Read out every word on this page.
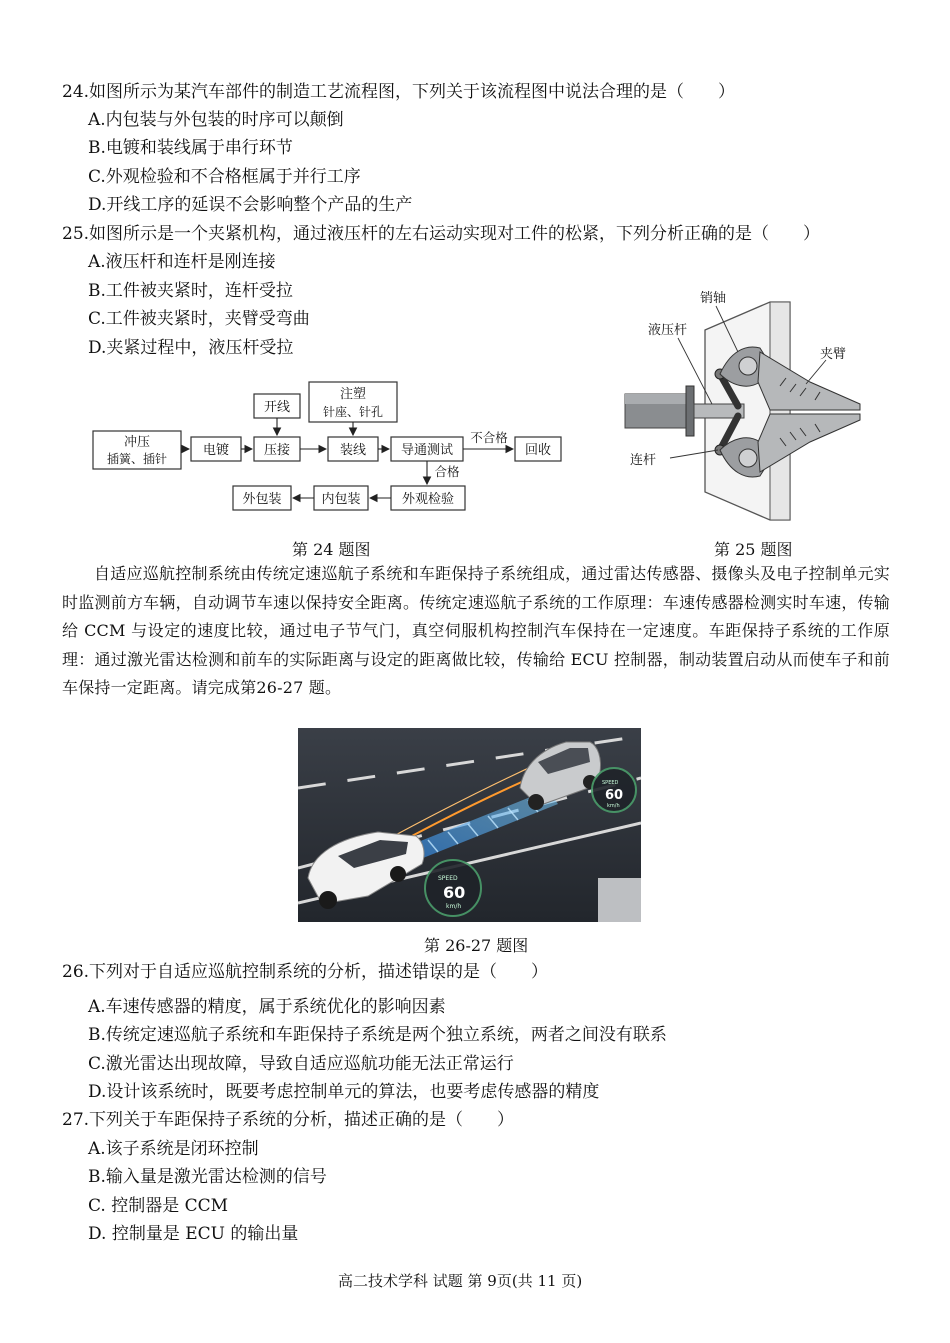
24.如图所示为某汽车部件的制造工艺流程图，下列关于该流程图中说法合理的是（　　）
A.内包装与外包装的时序可以颠倒
B.电镀和装线属于串行环节
C.外观检验和不合格框属于并行工序
D.开线工序的延误不会影响整个产品的生产
25.如图所示是一个夹紧机构，通过液压杆的左右运动实现对工件的松紧，下列分析正确的是（　　）
A.液压杆和连杆是刚连接
B.工件被夹紧时，连杆受拉
C.工件被夹紧时，夹臂受弯曲
D.夹紧过程中，液压杆受拉
冲压
插簧、插针
电镀
开线
压接
注塑
针座、针孔
装线	导通测试
不合格
回收
合格
外观检验
内包装
外包装
销轴
液压杆
夹臂
连杆
第 24 题图	第 25 题图

自适应巡航控制系统由传统定速巡航子系统和车距保持子系统组成，通过雷达传感器、摄像头及电子控制单元实时监测前方车辆，自动调节车速以保持安全距离。传统定速巡航子系统的工作原理：车速传感器检测实时车速，传输给 CCM 与设定的速度比较，通过电子节气门，真空伺服机构控制汽车保持在一定速度。车距保持子系统的工作原理：通过激光雷达检测和前车的实际距离与设定的距离做比较，传输给 ECU 控制器，制动装置启动从而使车子和前车保持一定距离。请完成第26-27 题。

SPEED
60
km/h
SPEED
60
km/h
第 26-27 题图
26.下列对于自适应巡航控制系统的分析，描述错误的是（　　）
A.车速传感器的精度，属于系统优化的影响因素
B.传统定速巡航子系统和车距保持子系统是两个独立系统，两者之间没有联系
C.激光雷达出现故障，导致自适应巡航功能无法正常运行
D.设计该系统时，既要考虑控制单元的算法，也要考虑传感器的精度
27.下列关于车距保持子系统的分析，描述正确的是（　　）
A.该子系统是闭环控制
B.输入量是激光雷达检测的信号
C. 控制器是 CCM
D. 控制量是 ECU 的输出量
高二技术学科 试题 第 9页(共 11 页)
